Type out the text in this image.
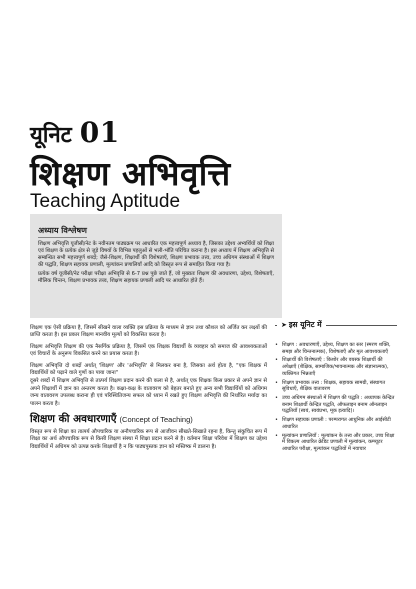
यूनिट 01
शिक्षण अभिवृत्ति
Teaching Aptitude
अध्याय विश्लेषण

शिक्षण अभिवृत्ति यूजीसी/नेट के नवीनतम पाठ्यक्रम पर आधारित एक महत्त्वपूर्ण अध्याय है, जिसका उद्देश्य अभ्यर्थियों को शिक्षा एवं शिक्षण के प्रत्येक क्षेत्र से जुड़े विषयों के विभिन्न पहलुओं से भली-भाँति परिचित कराना है। इस अध्याय में शिक्षण अभिवृत्ति से सम्बन्धित सभी महत्त्वपूर्ण शब्दों; जैसे-शिक्षण, शिक्षार्थी की विशेषताएँ, शिक्षण प्रभावक तत्त्व, उच्च अधिगम संस्थाओं में शिक्षण की पद्धति, शिक्षण सहायक प्रणाली, मूल्यांकन प्रणालियाँ आदि को विस्तृत रूप से समाहित किया गया है।

प्रत्येक वर्ष यूजीसी/नेट परीक्षा परीक्षा अभिवृत्ति से 6-7 प्रश्न पूछे जाते हैं, जो मुख्यतः शिक्षण की अवधारणा, उद्देश्य, विशेषताएँ, मौलिक चिन्तन, शिक्षण प्रभावक तत्त्व, शिक्षण सहायक प्रणाली आदि पर आधारित होते हैं।

शिक्षण एक ऐसी प्रक्रिया है, जिसमें सीखने वाला व्यक्ति इस प्रक्रिया के माध्यम से ज्ञान तथा कौशल को अर्जित कर लक्ष्यों की प्राप्ति करता है। इस प्रकार शिक्षण मानवीय मूल्यों को विकसित करता है।

शिक्षण अभिवृत्ति शिक्षण की एक नैसर्गिक प्रक्रिया है, जिसमें एक शिक्षक विद्यार्थी के व्यवहार को समाज की आवश्यकताओं एवं विचारों के अनुरूप विकसित करने का प्रयास करता है।

शिक्षण अभिवृत्ति दो शब्दों अर्थात् 'शिक्षण' और 'अभिवृत्ति' से मिलकर बना है, जिसका अर्थ होता है, "एक शिक्षक में विद्यार्थियों को पढ़ाने वाले गुणों का पाया जाना"

दूसरे शब्दों में शिक्षण अभिवृत्ति से तात्पर्य शिक्षण प्रदान करने की कला से है, अर्थात् एक शिक्षक किस प्रकार से अपने ज्ञान से अपने शिक्षार्थी में ज्ञान का अन्तरण करता है। कक्षा-कक्ष के वातावरण को बेहतर बनाते हुए अन्य सभी विद्यार्थियों को अधिगम जन्य वातावरण उपलब्ध कराना ही एवं परिस्थितिजन्य सफल को ध्यान में रखते हुए शिक्षण अभिवृत्ति की निर्धारित मर्यादा का पालन करता है।

शिक्षण की अवधारणाएँ (Concept of Teaching)

विस्तृत रूप से शिक्षा का तात्पर्य औपचारिक या अनौपचारिक रूप से आजीवन सीखते-सिखाते रहना है, किन्तु संकुचित रूप में शिक्षा का अर्थ औपचारिक रूप से किसी शिक्षण संस्था में शिक्षा प्रदान करने से है। वर्तमान शिक्षा परिवेश में शिक्षण का उद्देश्य विद्यार्थियों में अधिगम को उत्पन्न करके शिक्षार्थी है न कि पाठ्यपुस्तक ज्ञान को मस्तिष्क में डालना है।

➤ इस यूनिट में
• शिक्षण : अवधारणाएँ, उद्देश्य, शिक्षण का स्तर (स्मरण शक्ति, समझ और चिन्तनात्मक), विशेषताएँ और मूल आवश्यकताएँ
• शिक्षार्थी की विशेषताएँ : किशोर और वयस्क शिक्षार्थी की अपेक्षाएँ (शैक्षिक, सामाजिक/भावनात्मक और संज्ञानात्मक), व्यक्तिगत भिन्नताएँ
• शिक्षण प्रभावक तत्त्व : शिक्षक, सहायक सामग्री, संस्थागत सुविधाएँ, शैक्षिक वातावरण
• उच्च अधिगम संस्थाओं में शिक्षण की पद्धति : अध्यापक केन्द्रित बनाम शिक्षार्थी केन्द्रित पद्धति, ऑफलाइन बनाम ऑनलाइन पद्धतियाँ (स्वयं, स्वयंप्रभा, मूक इत्यादि)।
• शिक्षण सहायक प्रणाली : परम्परागत आधुनिक और आईसीटी आधारित
• मूल्यांकन प्रणालियाँ : मूल्यांकन के तत्त्व और प्रकार, उच्च शिक्षा में विकल्प आधारित क्रेडिट प्रणाली में मूल्यांकन, कम्प्यूटर आधारित परीक्षा, मूल्यांकन पद्धतियों में नवाचार
